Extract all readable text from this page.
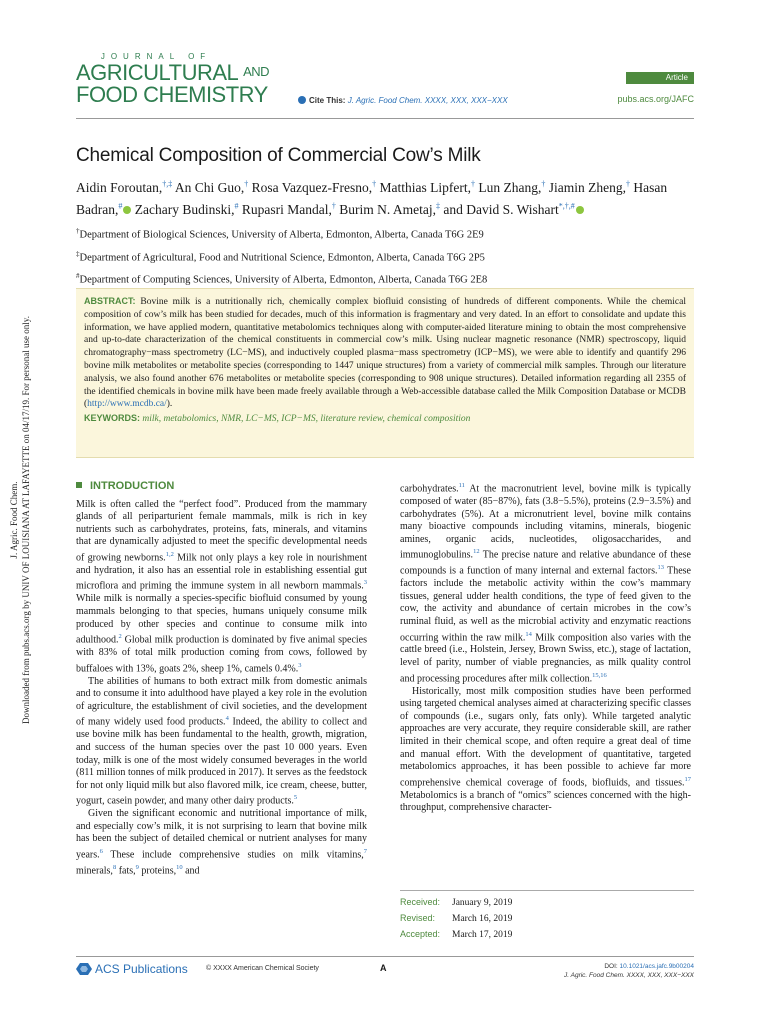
J. Agric. Food Chem. Downloaded from pubs.acs.org by UNIV OF LOUISIANA AT LAFAYETTE on 04/17/19. For personal use only.
JOURNAL OF
AGRICULTURAL AND
FOOD CHEMISTRY	Cite This: J. Agric. Food Chem. XXXX, XXX, XXX−XXX
Article
pubs.acs.org/JAFC
Chemical Composition of Commercial Cow’s Milk
Aidin Foroutan,†,‡ An Chi Guo,† Rosa Vazquez-Fresno,† Matthias Lipfert,† Lun Zhang,† Jiamin Zheng,† Hasan Badran,# Zachary Budinski,# Rupasri Mandal,† Burim N. Ametaj,‡ and David S. Wishart*,†,#
†Department of Biological Sciences, University of Alberta, Edmonton, Alberta, Canada T6G 2E9
‡Department of Agricultural, Food and Nutritional Science, Edmonton, Alberta, Canada T6G 2P5
#Department of Computing Sciences, University of Alberta, Edmonton, Alberta, Canada T6G 2E8
ABSTRACT: Bovine milk is a nutritionally rich, chemically complex biofluid consisting of hundreds of different components. While the chemical composition of cow’s milk has been studied for decades, much of this information is fragmentary and very dated. In an effort to consolidate and update this information, we have applied modern, quantitative metabolomics techniques along with computer-aided literature mining to obtain the most comprehensive and up-to-date characterization of the chemical constituents in commercial cow’s milk. Using nuclear magnetic resonance (NMR) spectroscopy, liquid chromatography−mass spectrometry (LC−MS), and inductively coupled plasma−mass spectrometry (ICP−MS), we were able to identify and quantify 296 bovine milk metabolites or metabolite species (corresponding to 1447 unique structures) from a variety of commercial milk samples. Through our literature analysis, we also found another 676 metabolites or metabolite species (corresponding to 908 unique structures). Detailed information regarding all 2355 of the identified chemicals in bovine milk have been made freely available through a Web-accessible database called the Milk Composition Database or MCDB (http://www.mcdb.ca/).
KEYWORDS: milk, metabolomics, NMR, LC−MS, ICP−MS, literature review, chemical composition
INTRODUCTION

Milk is often called the “perfect food”. Produced from the mammary glands of all periparturient female mammals, milk is rich in key nutrients such as carbohydrates, proteins, fats, minerals, and vitamins that are dynamically adjusted to meet the specific developmental needs of growing newborns.$^{1,2}$ Milk not only plays a key role in nourishment and hydration, it also has an essential role in establishing essential gut microflora and priming the immune system in all newborn mammals.$^3$ While milk is normally a species-specific biofluid consumed by young mammals belonging to that species, humans uniquely consume milk produced by other species and continue to consume milk into adulthood.$^2$ Global milk production is dominated by five animal species with 83% of total milk production coming from cows, followed by buffaloes with 13%, goats 2%, sheep 1%, camels 0.4%.$^3$

The abilities of humans to both extract milk from domestic animals and to consume it into adulthood have played a key role in the evolution of agriculture, the establishment of civil societies, and the development of many widely used food products.$^4$ Indeed, the ability to collect and use bovine milk has been fundamental to the health, growth, migration, and success of the human species over the past 10 000 years. Even today, milk is one of the most widely consumed beverages in the world (811 million tonnes of milk produced in 2017). It serves as the feedstock for not only liquid milk but also flavored milk, ice cream, cheese, butter, yogurt, casein powder, and many other dairy products.$^5$

Given the significant economic and nutritional importance of milk, and especially cow’s milk, it is not surprising to learn that bovine milk has been the subject of detailed chemical or nutrient analyses for many years.$^6$ These include comprehensive studies on milk vitamins,$^7$ minerals,$^8$ fats,$^9$ proteins,$^{10}$ and

carbohydrates.$^{11}$ At the macronutrient level, bovine milk is typically composed of water (85−87%), fats (3.8−5.5%), proteins (2.9−3.5%) and carbohydrates (5%). At a micronutrient level, bovine milk contains many bioactive compounds including vitamins, minerals, biogenic amines, organic acids, nucleotides, oligosaccharides, and immunoglobulins.$^{12}$ The precise nature and relative abundance of these compounds is a function of many internal and external factors.$^{13}$ These factors include the metabolic activity within the cow’s mammary tissues, general udder health conditions, the type of feed given to the cow, the activity and abundance of certain microbes in the cow’s ruminal fluid, as well as the microbial activity and enzymatic reactions occurring within the raw milk.$^{14}$ Milk composition also varies with the cattle breed (i.e., Holstein, Jersey, Brown Swiss, etc.), stage of lactation, level of parity, number of viable pregnancies, as milk quality control and processing procedures after milk collection.$^{15,16}$

Historically, most milk composition studies have been performed using targeted chemical analyses aimed at characterizing specific classes of compounds (i.e., sugars only, fats only). While targeted analytic approaches are very accurate, they require considerable skill, are rather limited in their chemical scope, and often require a great deal of time and manual effort. With the development of quantitative, targeted metabolomics approaches, it has been possible to achieve far more comprehensive chemical coverage of foods, biofluids, and tissues.$^{17}$ Metabolomics is a branch of “omics” sciences concerned with the high-throughput, comprehensive character-

Received: January 9, 2019
Revised: March 16, 2019
Accepted: March 17, 2019
ACS Publications	© XXXX American Chemical Society	A	DOI: 10.1021/acs.jafc.9b00204
J. Agric. Food Chem. XXXX, XXX, XXX−XXX
